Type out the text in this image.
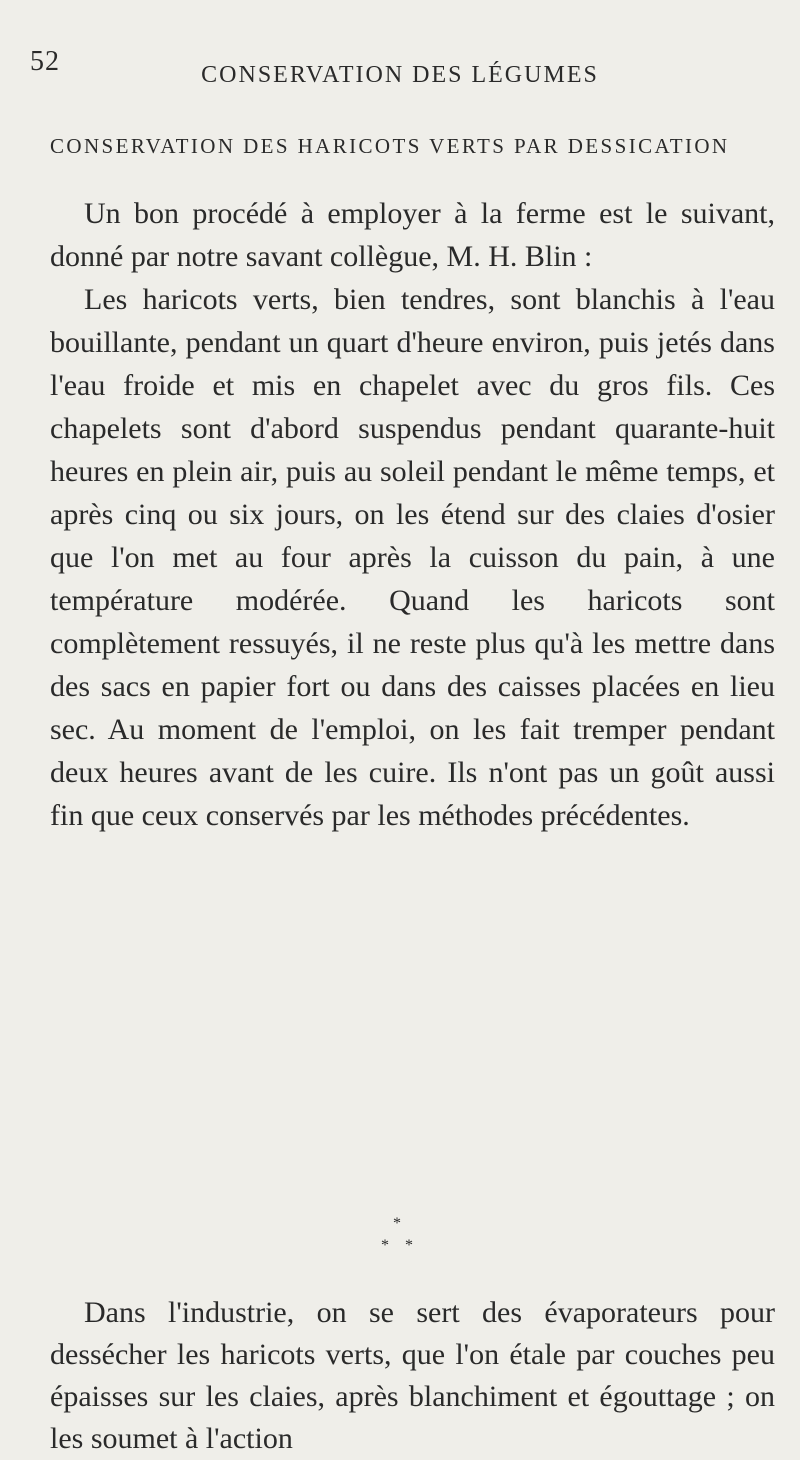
52	CONSERVATION DES LÉGUMES
CONSERVATION DES HARICOTS VERTS PAR DESSICATION

Un bon procédé à employer à la ferme est le suivant, donné par notre savant collègue, M. H. Blin :

Les haricots verts, bien tendres, sont blanchis à l'eau bouillante, pendant un quart d'heure environ, puis jetés dans l'eau froide et mis en chapelet avec du gros fils. Ces chapelets sont d'abord suspendus pendant quarante-huit heures en plein air, puis au soleil pendant le même temps, et après cinq ou six jours, on les étend sur des claies d'osier que l'on met au four après la cuisson du pain, à une température modérée. Quand les haricots sont complètement ressuyés, il ne reste plus qu'à les mettre dans des sacs en papier fort ou dans des caisses placées en lieu sec. Au moment de l'emploi, on les fait tremper pendant deux heures avant de les cuire. Ils n'ont pas un goût aussi fin que ceux conservés par les méthodes précédentes.

*
* *

Dans l'industrie, on se sert des évaporateurs pour dessécher les haricots verts, que l'on étale par couches peu épaisses sur les claies, après blanchiment et égouttage ; on les soumet à l'action
